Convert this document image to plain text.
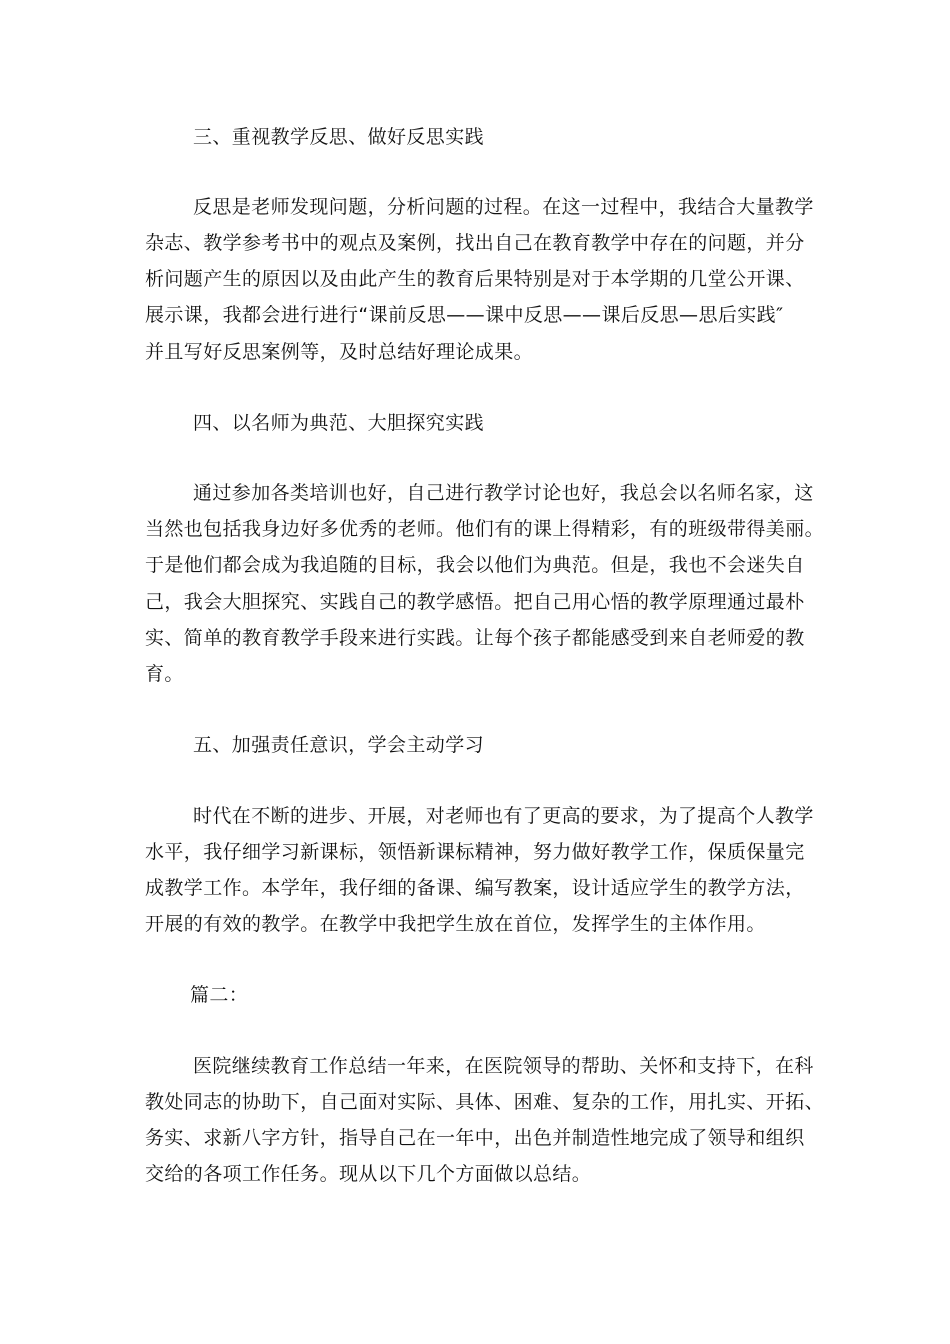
三、重视教学反思、做好反思实践
反思是老师发现问题，分析问题的过程。在这一过程中，我结合大量教学
杂志、教学参考书中的观点及案例，找出自己在教育教学中存在的问题，并分
析问题产生的原因以及由此产生的教育后果特别是对于本学期的几堂公开课、
展示课，我都会进行进行“课前反思——课中反思——课后反思—思后实践″
并且写好反思案例等，及时总结好理论成果。
四、以名师为典范、大胆探究实践
通过参加各类培训也好，自己进行教学讨论也好，我总会以名师名家，这
当然也包括我身边好多优秀的老师。他们有的课上得精彩，有的班级带得美丽。
于是他们都会成为我追随的目标，我会以他们为典范。但是，我也不会迷失自
己，我会大胆探究、实践自己的教学感悟。把自己用心悟的教学原理通过最朴
实、简单的教育教学手段来进行实践。让每个孩子都能感受到来自老师爱的教
育。
五、加强责任意识，学会主动学习
时代在不断的进步、开展，对老师也有了更高的要求，为了提高个人教学
水平，我仔细学习新课标，领悟新课标精神，努力做好教学工作，保质保量完
成教学工作。本学年，我仔细的备课、编写教案，设计适应学生的教学方法，
开展的有效的教学。在教学中我把学生放在首位，发挥学生的主体作用。
篇二：
医院继续教育工作总结一年来，在医院领导的帮助、关怀和支持下，在科
教处同志的协助下，自己面对实际、具体、困难、复杂的工作，用扎实、开拓、
务实、求新八字方针，指导自己在一年中，出色并制造性地完成了领导和组织
交给的各项工作任务。现从以下几个方面做以总结。
